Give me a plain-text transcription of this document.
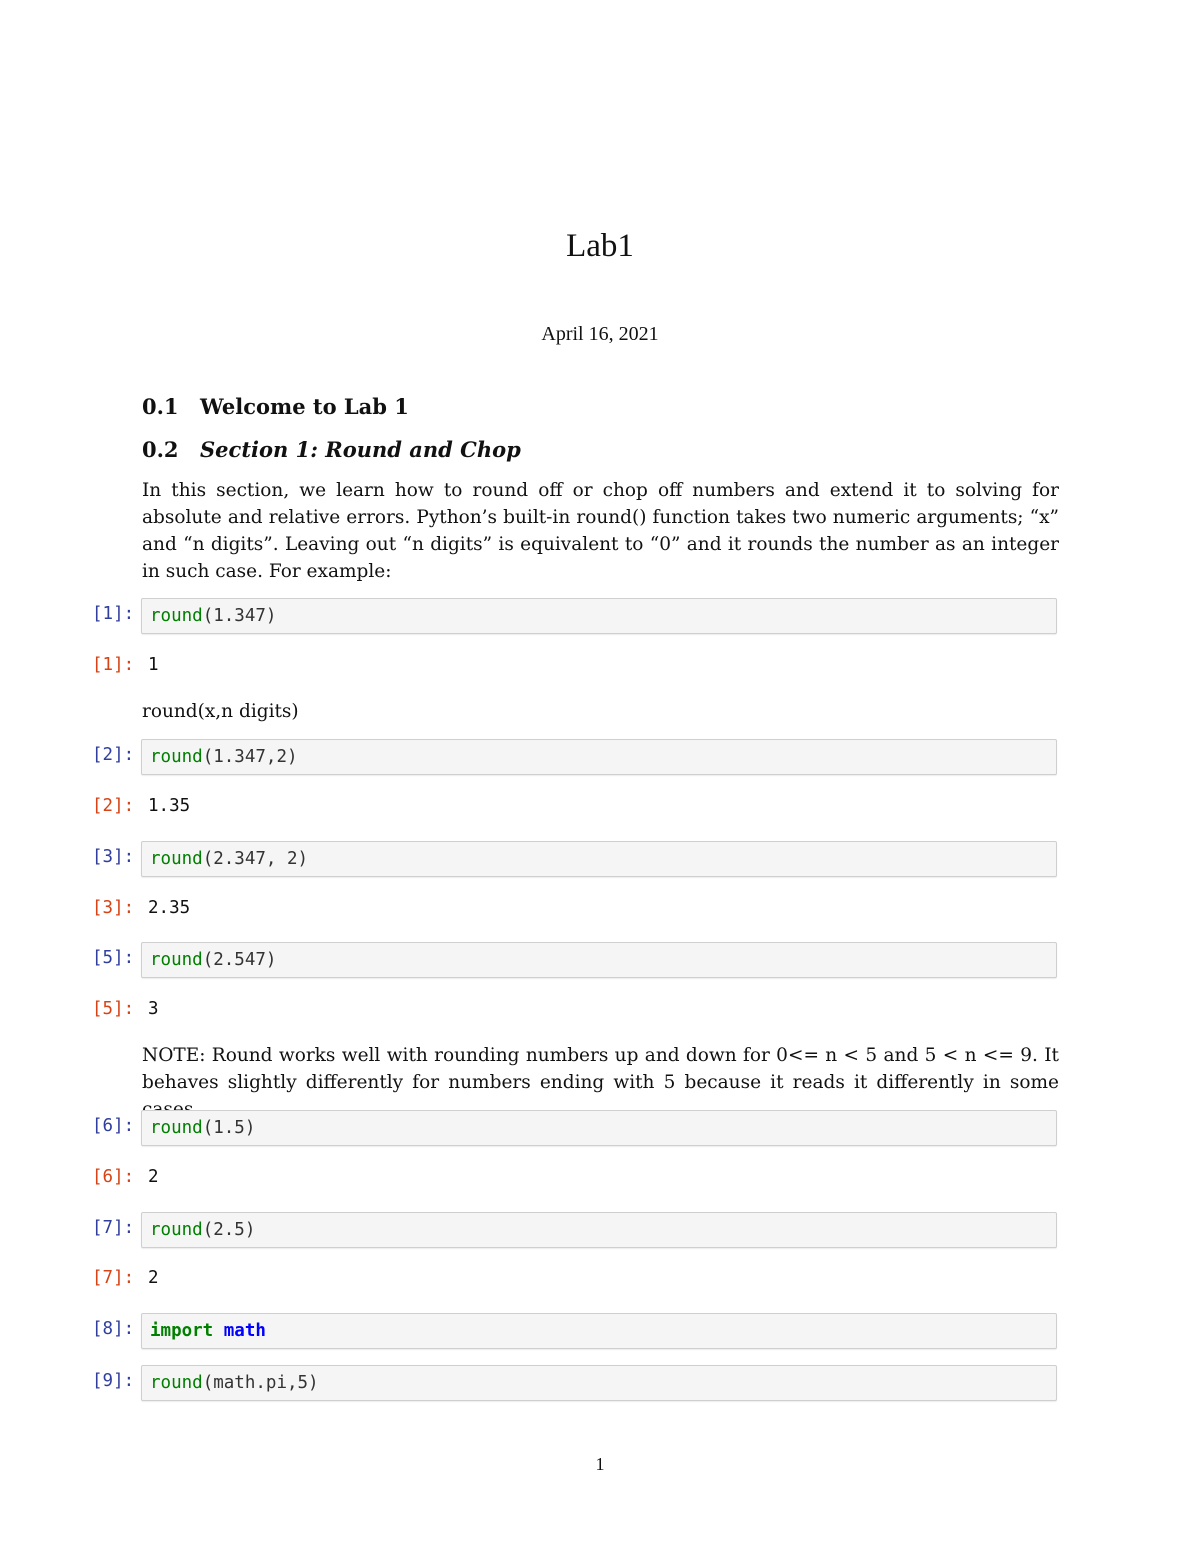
Lab1
April 16, 2021
0.1 Welcome to Lab 1
0.2 Section 1: Round and Chop
In this section, we learn how to round off or chop off numbers and extend it to solving for absolute and relative errors. Python’s built-in round() function takes two numeric arguments; “x” and “n digits”. Leaving out “n digits” is equivalent to “0” and it rounds the number as an integer in such case. For example:
[1]: round(1.347)
[1]: 1
round(x,n digits)
[2]: round(1.347,2)
[2]: 1.35
[3]: round(2.347, 2)
[3]: 2.35
[5]: round(2.547)
[5]: 3
NOTE: Round works well with rounding numbers up and down for 0<= n < 5 and 5 < n <= 9. It behaves slightly differently for numbers ending with 5 because it reads it differently in some
[6]: round(1.5)
[6]: 2
[7]: round(2.5)
[7]: 2
[8]: import math
[9]: round(math.pi,5)
1
